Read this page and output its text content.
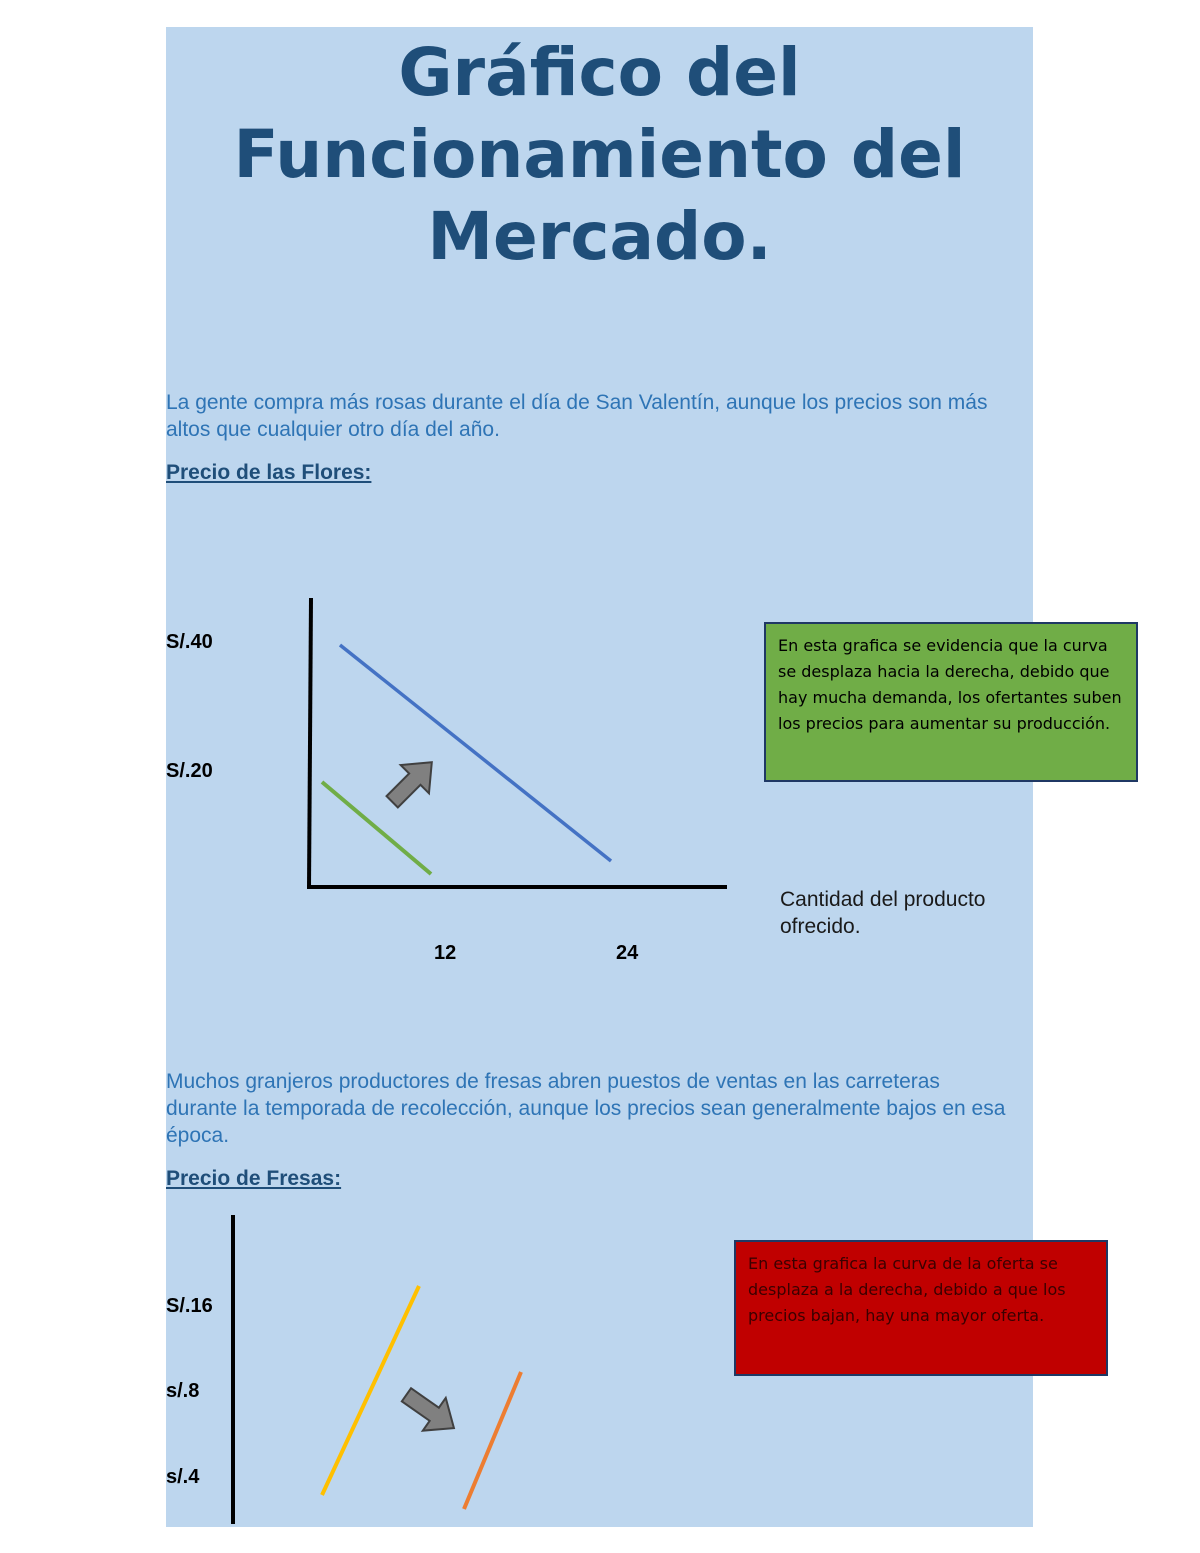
Gráfico del
Funcionamiento del
Mercado.

La gente compra más rosas durante el día de San Valentín, aunque los precios son más altos que cualquier otro día del año.

Precio de las Flores:

S/.40
S/.20
12	24
Cantidad del producto ofrecido.
En esta grafica se evidencia que la curva se desplaza hacia la derecha, debido que hay mucha demanda, los ofertantes suben los precios para aumentar su producción.

Muchos granjeros productores de fresas abren puestos de ventas en las carreteras durante la temporada de recolección, aunque los precios sean generalmente bajos en esa época.

Precio de Fresas:

S/.16
s/.8
s/.4
En esta grafica la curva de la oferta se desplaza a la derecha, debido a que los precios bajan, hay una mayor oferta.
